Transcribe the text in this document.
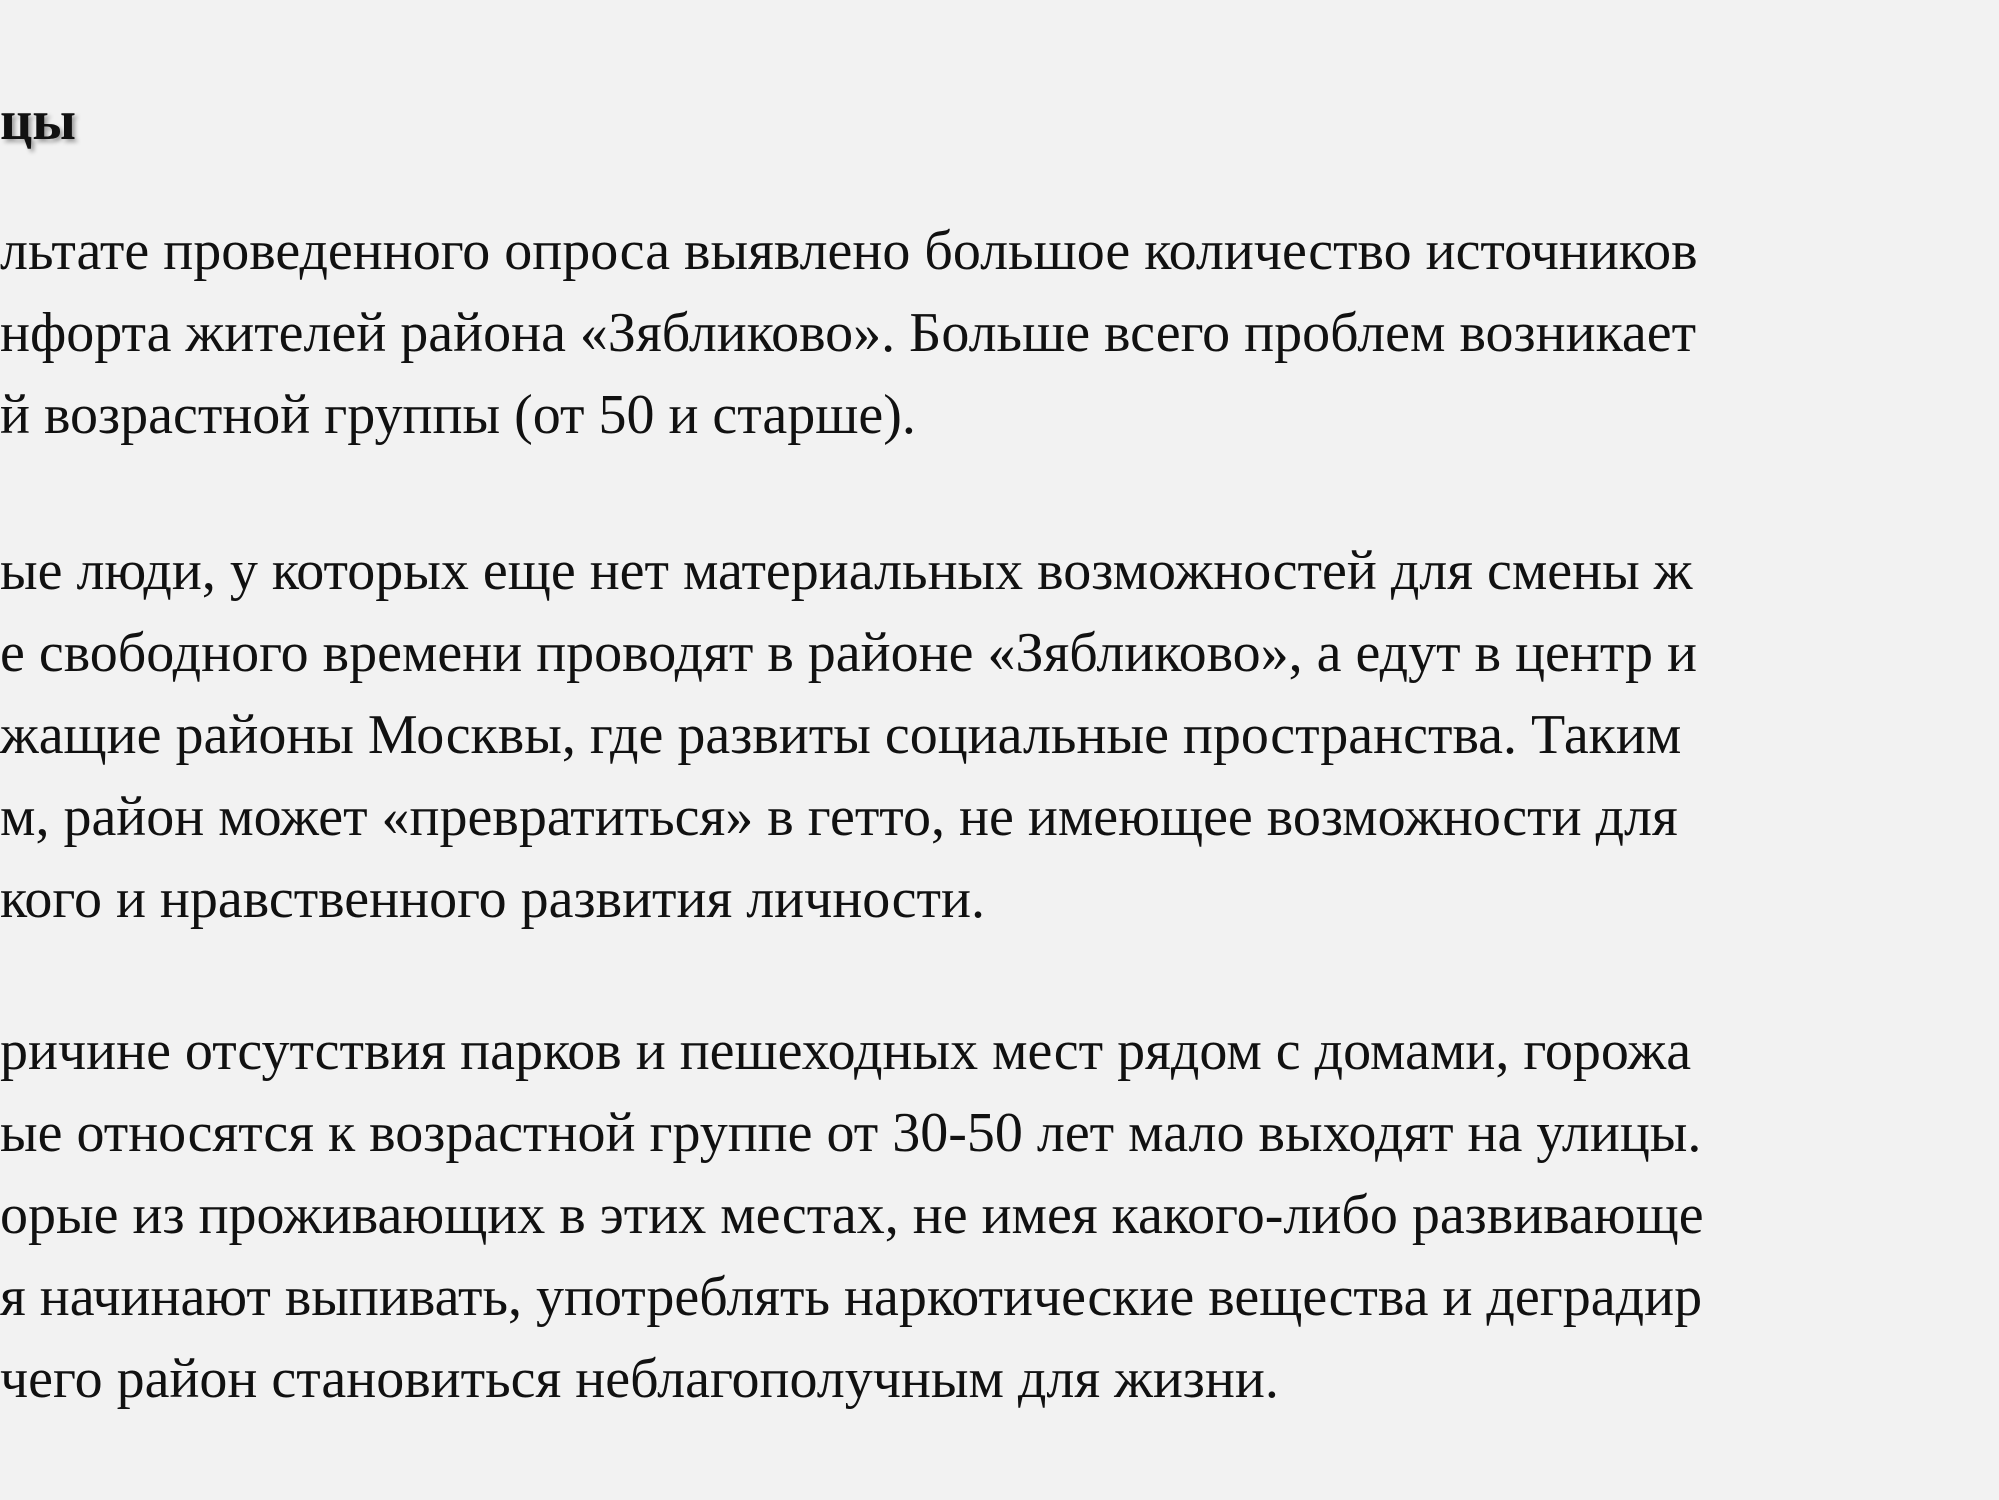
цы

льтате проведенного опроса выявлено большое количество источников
нфорта жителей района «Зябликово». Больше всего проблем возникает
й возрастной группы (от 50 и старше).

ые люди, у которых еще нет материальных возможностей для смены ж
е свободного времени проводят в районе «Зябликово», а едут в центр и
жащие районы Москвы, где развиты социальные пространства. Таким
м, район может «превратиться» в гетто, не имеющее возможности для
кого и нравственного развития личности.

ричине отсутствия парков и пешеходных мест рядом с домами, горожа
ые относятся к возрастной группе от 30-50 лет мало выходят на улицы.
орые из проживающих в этих местах, не имея какого-либо развивающе
я начинают выпивать, употреблять наркотические вещества и деградир
чего район становиться неблагополучным для жизни.
